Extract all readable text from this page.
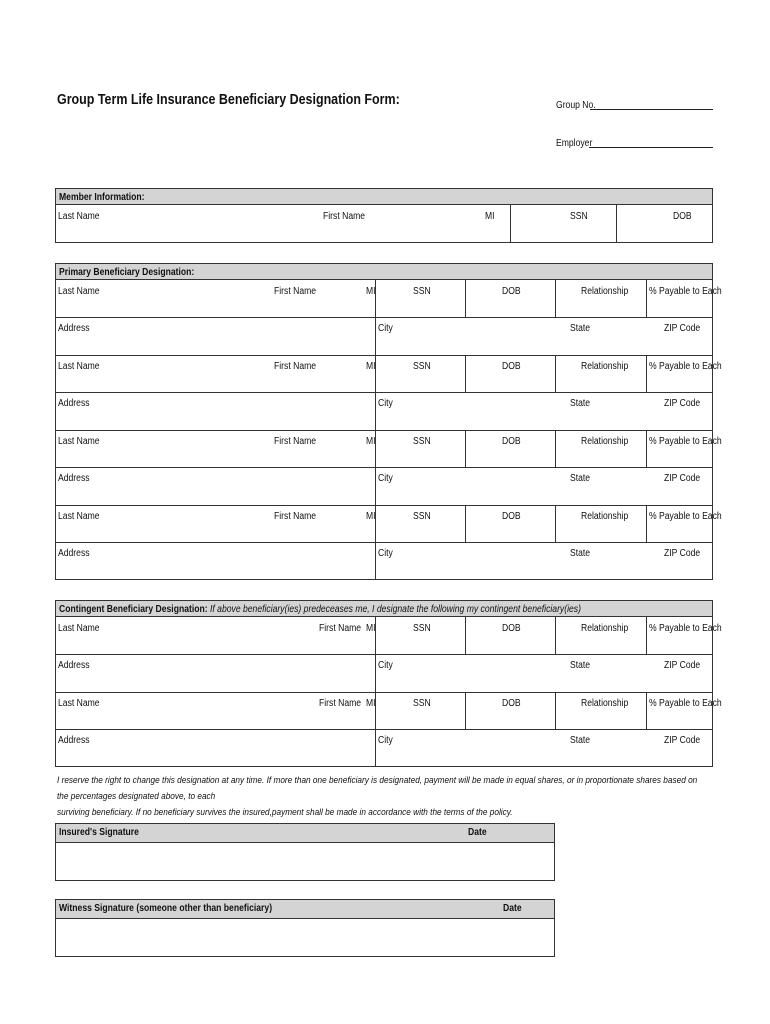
Group Term Life Insurance Beneficiary Designation Form:	Group No.
Employer
Member Information:
Last Name	First Name	MI	SSN	DOB
Primary Beneficiary Designation:
Last Name	First Name	MI	SSN	DOB	Relationship % Payable to Each
Address	City	State	ZIP Code
Last Name	First Name	MI	SSN	DOB	Relationship % Payable to Each
Address	City	State	ZIP Code
Last Name	First Name	MI	SSN	DOB	Relationship % Payable to Each
Address	City	State	ZIP Code
Last Name	First Name	MI	SSN	DOB	Relationship % Payable to Each
Address	City	State	ZIP Code
Contingent Beneficiary Designation: If above beneficiary(ies) predeceases me, I designate the following my contingent beneficiary(ies)
Last Name	First Name MI	SSN	DOB	Relationship % Payable to Each
Address	City	State	ZIP Code
Last Name	First Name MI	SSN	DOB	Relationship % Payable to Each
Address	City	State	ZIP Code
I reserve the right to change this designation at any time. If more than one beneficiary is designated, payment will be made in equal shares, or in proportionate shares based on the percentages designated above, to each
surviving beneficiary. If no beneficiary survives the insured,payment shall be made in accordance with the terms of the policy.
Insured's Signature	Date
Witness Signature (someone other than beneficiary)	Date
